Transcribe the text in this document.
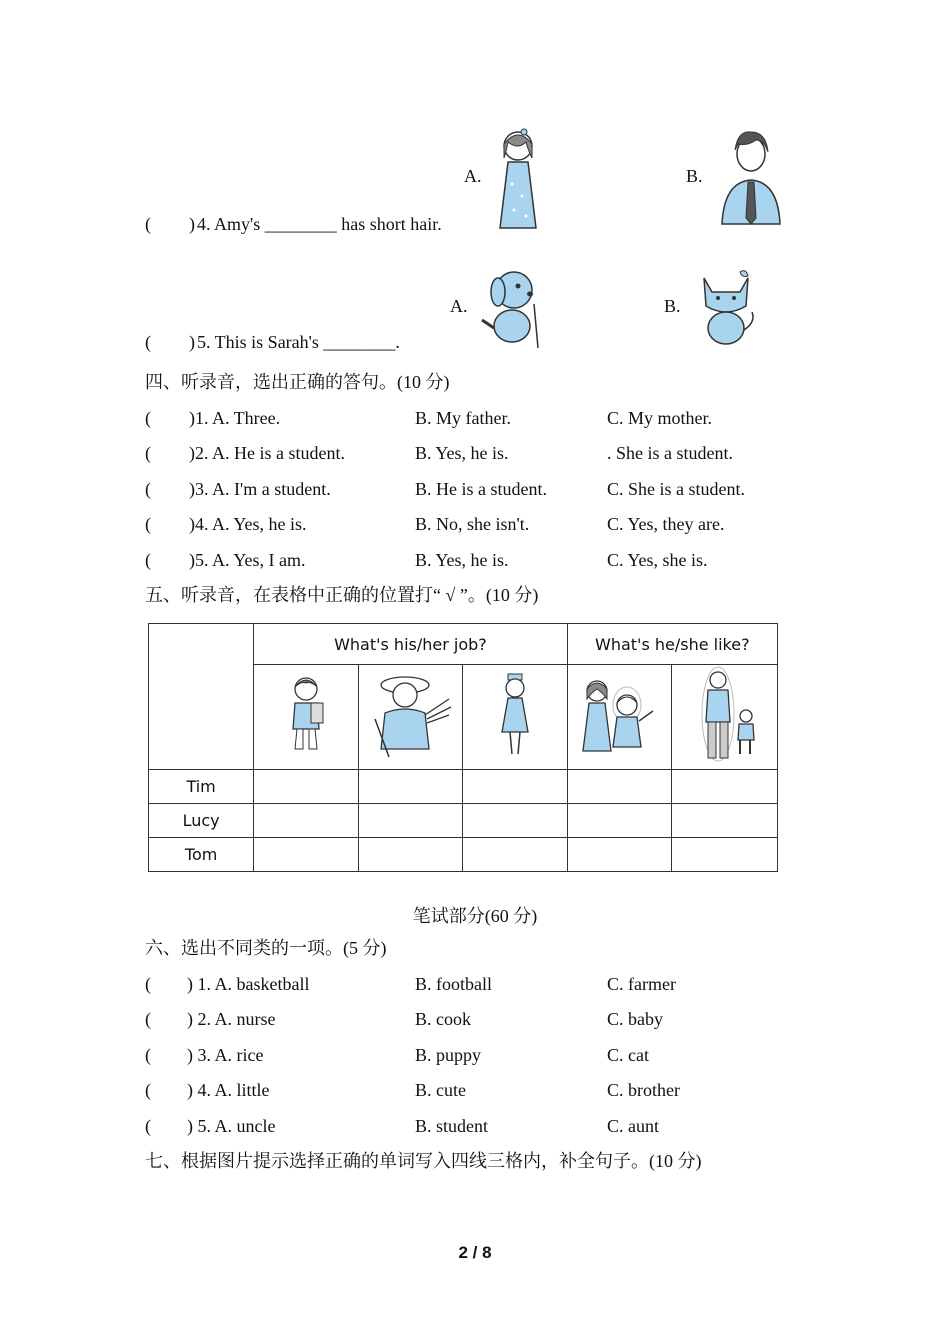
A.	B.
( ) 4. Amy's ________ has short hair.
A.	B.
( ) 5. This is Sarah's ________.
四、听录音，选出正确的答句。(10 分)
( )1. A. Three.	B. My father.	C. My mother.
( )2. A. He is a student.	B. Yes, he is.	. She is a student.
( )3. A. I'm a student.	B. He is a student.	C. She is a student.
( )4. A. Yes, he is.	B. No, she isn't.	C. Yes, they are.
( )5. A. Yes, I am.	B. Yes, he is.	C. Yes, she is.
五、听录音，在表格中正确的位置打“ √ ”。(10 分)
	What's his/her job?			What's he/she like?	

Tim					
Lucy					
Tom					
笔试部分(60 分)
六、选出不同类的一项。(5 分)
( ) 1. A. basketball	B. football	C. farmer
( ) 2. A. nurse	B. cook	C. baby
( ) 3. A. rice	B. puppy	C. cat
( ) 4. A. little	B. cute	C. brother
( ) 5. A. uncle	B. student	C. aunt
七、根据图片提示选择正确的单词写入四线三格内，补全句子。(10 分)
2 / 8
